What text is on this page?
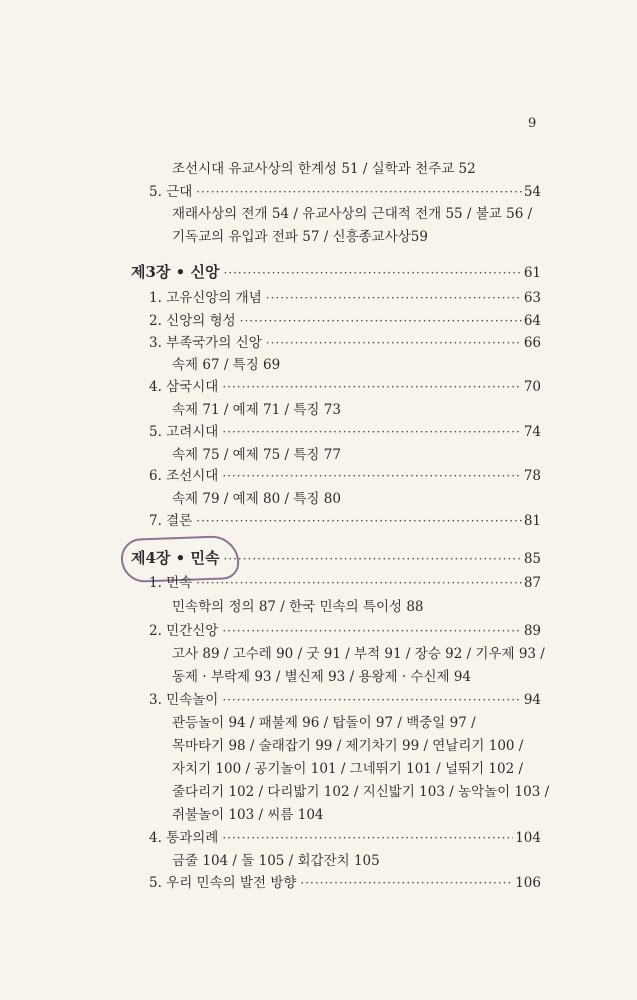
9
조선시대 유교사상의 한계성 51 / 실학과 천주교 52
5. 근대 ·····	54
재래사상의 전개 54 / 유교사상의 근대적 전개 55 / 불교 56 /
기독교의 유입과 전파 57 / 신흥종교사상59
제3장 • 신앙 ·····	61
1. 고유신앙의 개념 ·····	63
2. 신앙의 형성 ·····	64
3. 부족국가의 신앙 ·····	66
속제 67 / 특징 69
4. 삼국시대 ·····	70
속제 71 / 예제 71 / 특징 73
5. 고려시대 ·····	74
속제 75 / 예제 75 / 특징 77
6. 조선시대 ·····	78
속제 79 / 예제 80 / 특징 80
7. 결론 ·····	81
제4장 • 민속 ·····	85
1. 민속 ·····	87
민속학의 정의 87 / 한국 민속의 특이성 88
2. 민간신앙 ·····	89
고사 89 / 고수레 90 / 굿 91 / 부적 91 / 장승 92 / 기우제 93 /
동제 · 부락제 93 / 별신제 93 / 용왕제 · 수신제 94
3. 민속놀이 ·····	94
관등놀이 94 / 패불제 96 / 탑돌이 97 / 백중일 97 /
목마타기 98 / 술래잡기 99 / 제기차기 99 / 연날리기 100 /
자치기 100 / 공기놀이 101 / 그네뛰기 101 / 널뛰기 102 /
줄다리기 102 / 다리밟기 102 / 지신밟기 103 / 농악놀이 103 /
쥐불놀이 103 / 씨름 104
4. 통과의례 ·····	104
금줄 104 / 돌 105 / 회갑잔치 105
5. 우리 민속의 발전 방향 ·····	106
